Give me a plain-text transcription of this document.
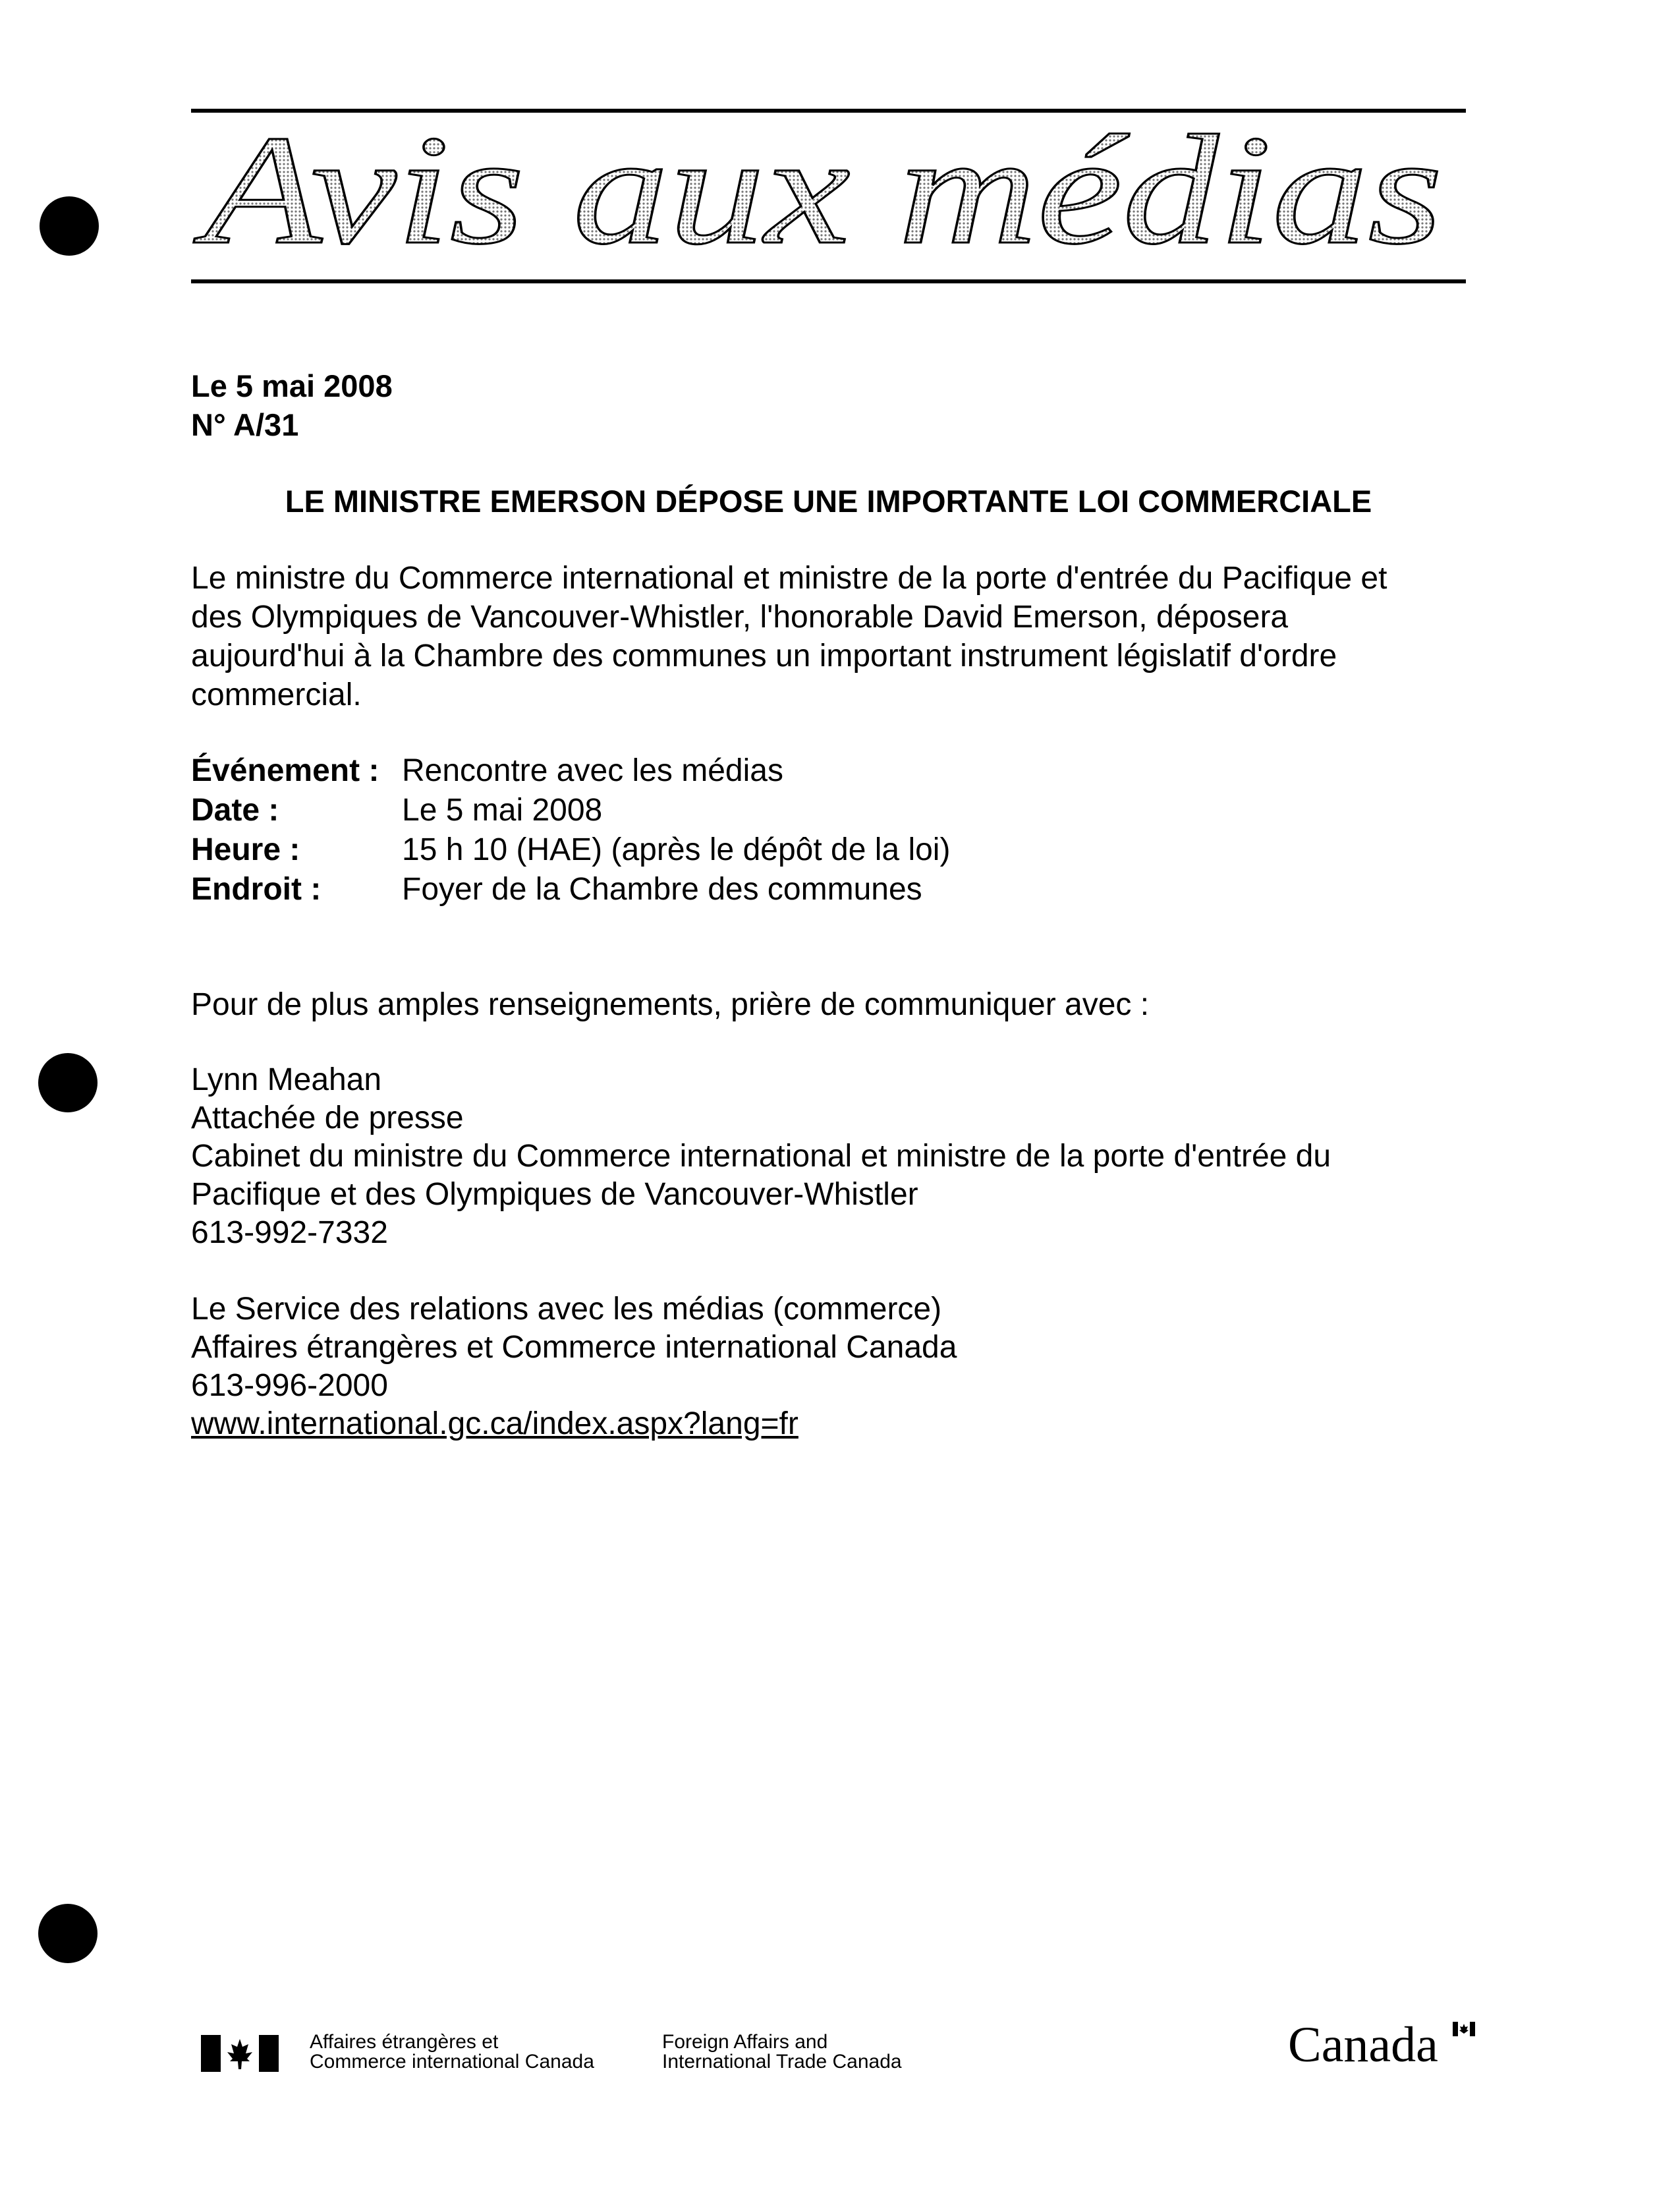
Avis aux médias
Le 5 mai 2008
N° A/31
LE MINISTRE EMERSON DÉPOSE UNE IMPORTANTE LOI COMMERCIALE
Le ministre du Commerce international et ministre de la porte d'entrée du Pacifique et
des Olympiques de Vancouver-Whistler, l'honorable David Emerson, déposera
aujourd'hui à la Chambre des communes un important instrument législatif d'ordre
commercial.
Événement : Rencontre avec les médias
Date :	Le 5 mai 2008
Heure :	15 h 10 (HAE) (après le dépôt de la loi)
Endroit :	Foyer de la Chambre des communes
Pour de plus amples renseignements, prière de communiquer avec :
Lynn Meahan
Attachée de presse
Cabinet du ministre du Commerce international et ministre de la porte d'entrée du
Pacifique et des Olympiques de Vancouver-Whistler
613-992-7332
Le Service des relations avec les médias (commerce)
Affaires étrangères et Commerce international Canada
613-996-2000
www.international.gc.ca/index.aspx?lang=fr
Affaires étrangères et
Commerce international Canada
Foreign Affairs and
International Trade Canada	Canada
